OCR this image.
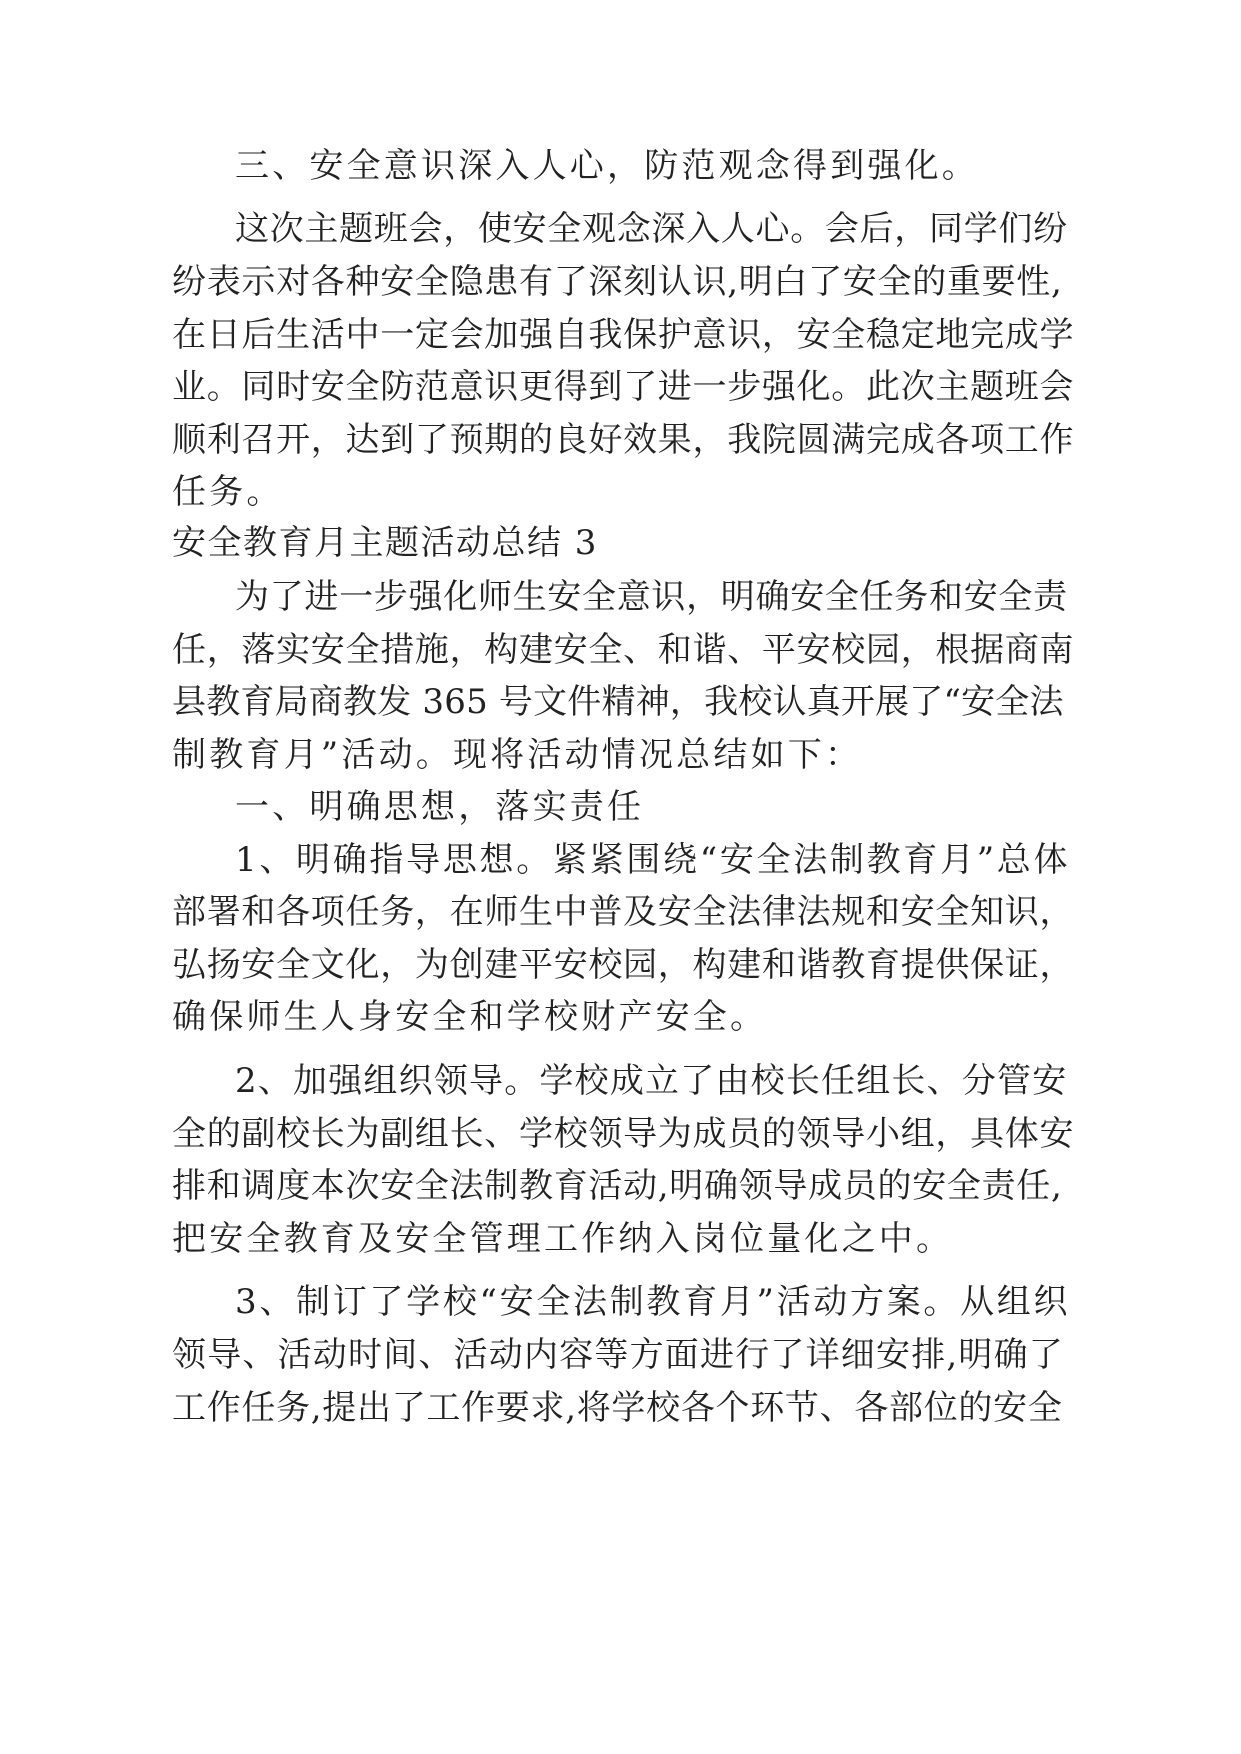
三、安全意识深入人心，防范观念得到强化。
这次主题班会，使安全观念深入人心。会后，同学们纷
纷表示对各种安全隐患有了深刻认识,明白了安全的重要性,
在日后生活中一定会加强自我保护意识，安全稳定地完成学
业。同时安全防范意识更得到了进一步强化。此次主题班会
顺利召开，达到了预期的良好效果，我院圆满完成各项工作
任务。
安全教育月主题活动总结 3
为了进一步强化师生安全意识，明确安全任务和安全责
任，落实安全措施，构建安全、和谐、平安校园，根据商南
县教育局商教发 365 号文件精神，我校认真开展了“安全法
制教育月”活动。现将活动情况总结如下：
一、明确思想，落实责任
1、明确指导思想。紧紧围绕“安全法制教育月”总体
部署和各项任务，在师生中普及安全法律法规和安全知识，
弘扬安全文化，为创建平安校园，构建和谐教育提供保证，
确保师生人身安全和学校财产安全。
2、加强组织领导。学校成立了由校长任组长、分管安
全的副校长为副组长、学校领导为成员的领导小组，具体安
排和调度本次安全法制教育活动,明确领导成员的安全责任,
把安全教育及安全管理工作纳入岗位量化之中。
3、制订了学校“安全法制教育月”活动方案。从组织
领导、活动时间、活动内容等方面进行了详细安排,明确了
工作任务,提出了工作要求,将学校各个环节、各部位的安全
